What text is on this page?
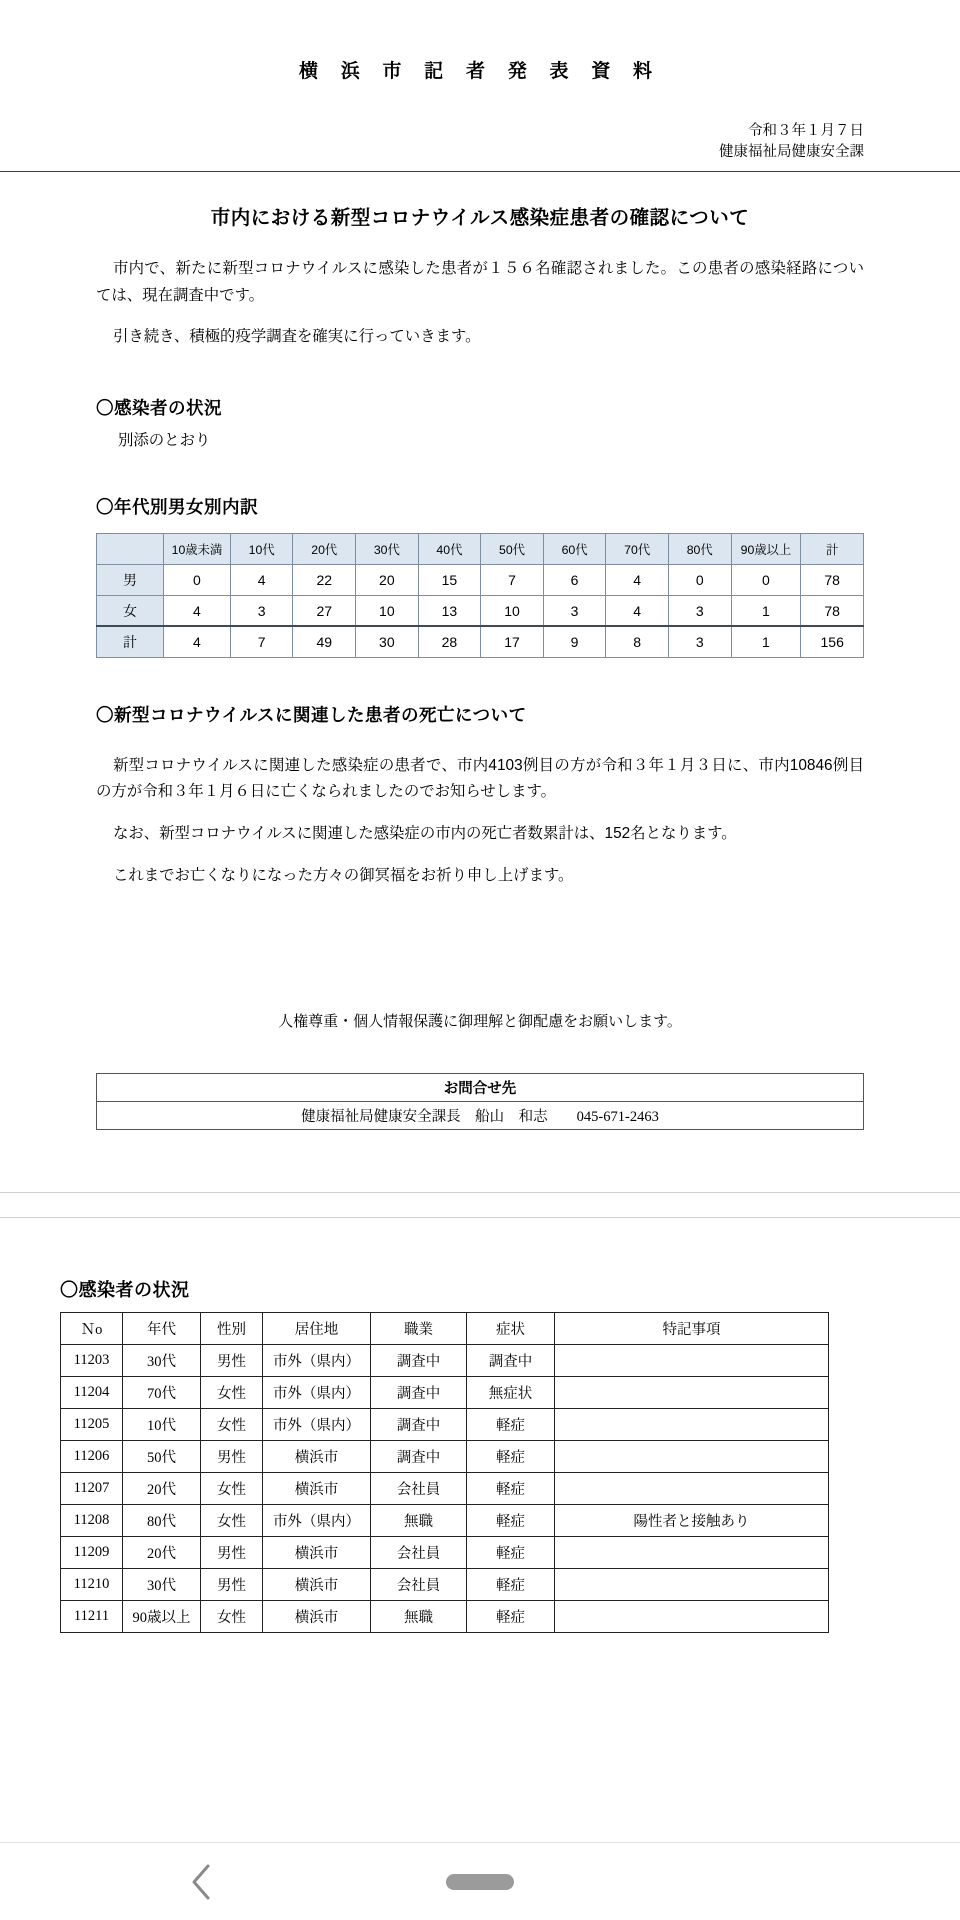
横 浜 市 記 者 発 表 資 料
令和３年１月７日
健康福祉局健康安全課
市内における新型コロナウイルス感染症患者の確認について

市内で、新たに新型コロナウイルスに感染した患者が１５６名確認されました。この患者の感染経路については、現在調査中です。

引き続き、積極的疫学調査を確実に行っていきます。

〇感染者の状況
別添のとおり
〇年代別男女別内訳
	10歳未満	10代	20代	30代	40代	50代	60代	70代	80代	90歳以上	計
男	0	4	22	20	15	7	6	4	0	0	78
女	4	3	27	10	13	10	3	4	3	1	78
計	4	7	49	30	28	17	9	8	3	1	156
〇新型コロナウイルスに関連した患者の死亡について

新型コロナウイルスに関連した感染症の患者で、市内4103例目の方が令和３年１月３日に、市内10846例目の方が令和３年１月６日に亡くなられましたのでお知らせします。

なお、新型コロナウイルスに関連した感染症の市内の死亡者数累計は、152名となります。

これまでお亡くなりになった方々の御冥福をお祈り申し上げます。

人権尊重・個人情報保護に御理解と御配慮をお願いします。
お問合せ先
健康福祉局健康安全課長　船山　和志　　045-671-2463
〇感染者の状況
Ｎo	年代	性別	居住地	職業	症状	特記事項
11203	30代	男性	市外（県内）	調査中	調査中	
11204	70代	女性	市外（県内）	調査中	無症状	
11205	10代	女性	市外（県内）	調査中	軽症	
11206	50代	男性	横浜市	調査中	軽症	
11207	20代	女性	横浜市	会社員	軽症	
11208	80代	女性	市外（県内）	無職	軽症	陽性者と接触あり
11209	20代	男性	横浜市	会社員	軽症	
11210	30代	男性	横浜市	会社員	軽症	
11211	90歳以上	女性	横浜市	無職	軽症	
